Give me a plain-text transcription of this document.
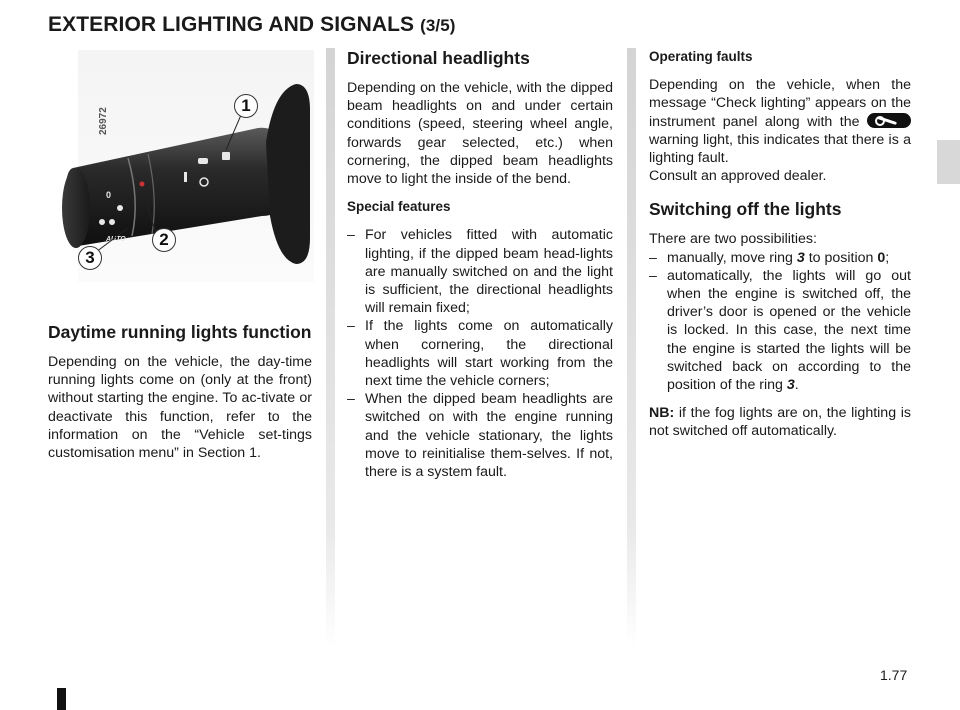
EXTERIOR LIGHTING AND SIGNALS (3/5)
0
AUTO
26972
1
2
3
Daytime running lights function

Depending on the vehicle, the day-time running lights come on (only at the front) without starting the engine. To ac-tivate or deactivate this function, refer to the information on the “Vehicle set-tings customisation menu” in Section 1.

Directional headlights

Depending on the vehicle, with the dipped beam headlights on and under certain conditions (speed, steering wheel angle, forwards gear selected, etc.) when cornering, the dipped beam headlights move to light the inside of the bend.

Special features
– For vehicles fitted with automatic lighting, if the dipped beam head-lights are manually switched on and the light is sufficient, the directional headlights will remain fixed;
– If the lights come on automatically when cornering, the directional headlights will start working from the next time the vehicle corners;
– When the dipped beam headlights are switched on with the engine running and the vehicle stationary, the lights move to reinitialise them-selves. If not, there is a system fault.
Operating faults

Depending on the vehicle, when the message “Check lighting” appears on the instrument panel along with the  warning light, this indicates that there is a lighting fault.
Consult an approved dealer.

Switching off the lights
There are two possibilities:
– manually, move ring 3 to position 0;
– automatically, the lights will go out when the engine is switched off, the driver’s door is opened or the vehicle is locked. In this case, the next time the engine is started the lights will be switched back on according to the position of the ring 3.

NB: if the fog lights are on, the lighting is not switched off automatically.

1.77
